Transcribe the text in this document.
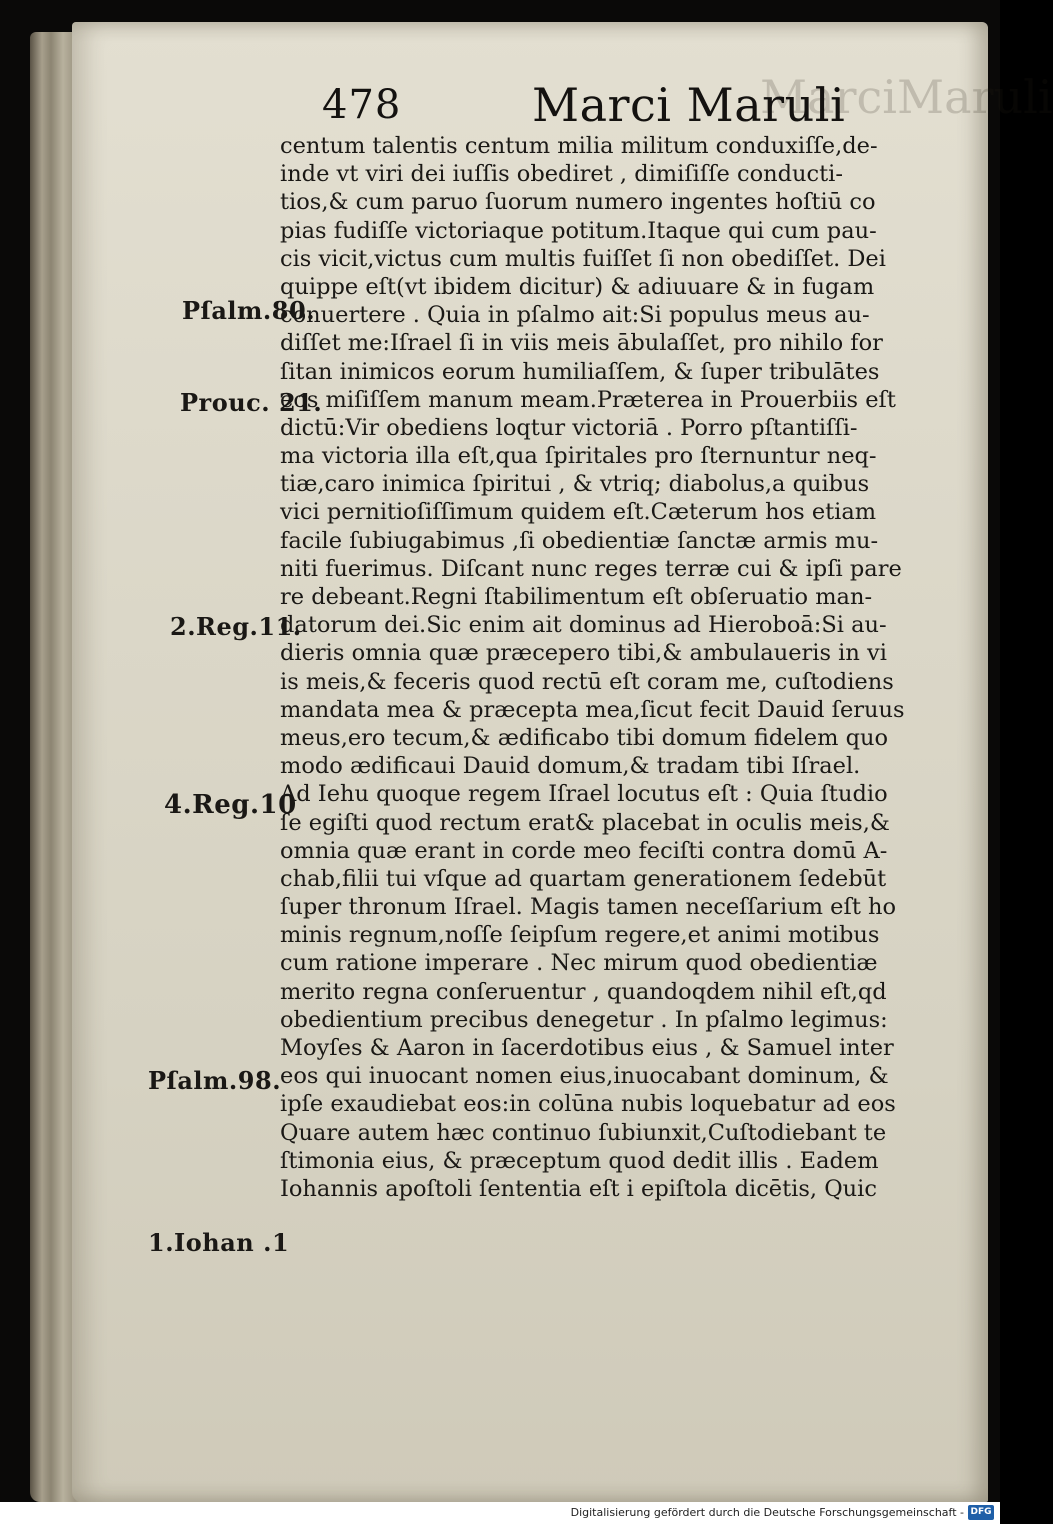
MarciMaruli
478	Marci Maruli
centum talentis centum milia militum conduxiſſe,de-
inde vt viri dei iuſſis obediret , dimiſiſſe conducti-
tios,& cum paruo ſuorum numero ingentes hoſtiū co
pias fudiſſe victoriaque potitum.Itaque qui cum pau-
cis vicit,victus cum multis fuiſſet ſi non obediſſet. Dei
quippe eſt(vt ibidem dicitur) & adiuuare & in fugam
conuertere . Quia in pſalmo ait:Si populus meus au-
diſſet me:Iſrael ſi in viis meis ābulaſſet, pro nihilo for
ſitan inimicos eorum humiliaſſem, & ſuper tribulātes
eos miſiſſem manum meam.Præterea in Prouerbiis eſt
dictū:Vir obediens loqtur victoriā . Porro pſtantiſſi-
ma victoria illa eſt,qua ſpiritales pro ſternuntur neq-
tiæ,caro inimica ſpiritui , & vtriq; diabolus,a quibus
vici pernitioſiſſimum quidem eſt.Cæterum hos etiam
facile ſubiugabimus ,ſi obedientiæ ſanctæ armis mu-
niti fuerimus. Diſcant nunc reges terræ cui & ipſi pare
re debeant.Regni ſtabilimentum eſt obſeruatio man-
datorum dei.Sic enim ait dominus ad Hieroboā:Si au-
dieris omnia quæ præcepero tibi,& ambulaueris in vi
is meis,& feceris quod rectū eſt coram me, cuſtodiens
mandata mea & præcepta mea,ſicut fecit Dauid ſeruus
meus,ero tecum,& ædificabo tibi domum fidelem quo
modo ædificaui Dauid domum,& tradam tibi Iſrael.
Ad Iehu quoque regem Iſrael locutus eſt : Quia ſtudio
ſe egiſti quod rectum erat& placebat in oculis meis,&
omnia quæ erant in corde meo feciſti contra domū A-
chab,filii tui vſque ad quartam generationem ſedebūt
ſuper thronum Iſrael. Magis tamen neceſſarium eſt ho
minis regnum,noſſe ſeipſum regere,et animi motibus
cum ratione imperare . Nec mirum quod obedientiæ
merito regna conſeruentur , quandoqdem nihil eſt,qd
obedientium precibus denegetur . In pſalmo legimus:
Moyſes & Aaron in ſacerdotibus eius , & Samuel inter
eos qui inuocant nomen eius,inuocabant dominum, &
ipſe exaudiebat eos:in colūna nubis loquebatur ad eos
Quare autem hæc continuo ſubiunxit,Cuſtodiebant te
ſtimonia eius, & præceptum quod dedit illis . Eadem
Iohannis apoſtoli ſententia eſt i epiſtola dicētis, Quic
Pſalm.80.
Prouc. 21.
2.Reg.11.
4.Reg.10
Pſalm.98.
1.Iohan .1
Digitalisierung gefördert durch die Deutsche Forschungsgemeinschaft - DFG
